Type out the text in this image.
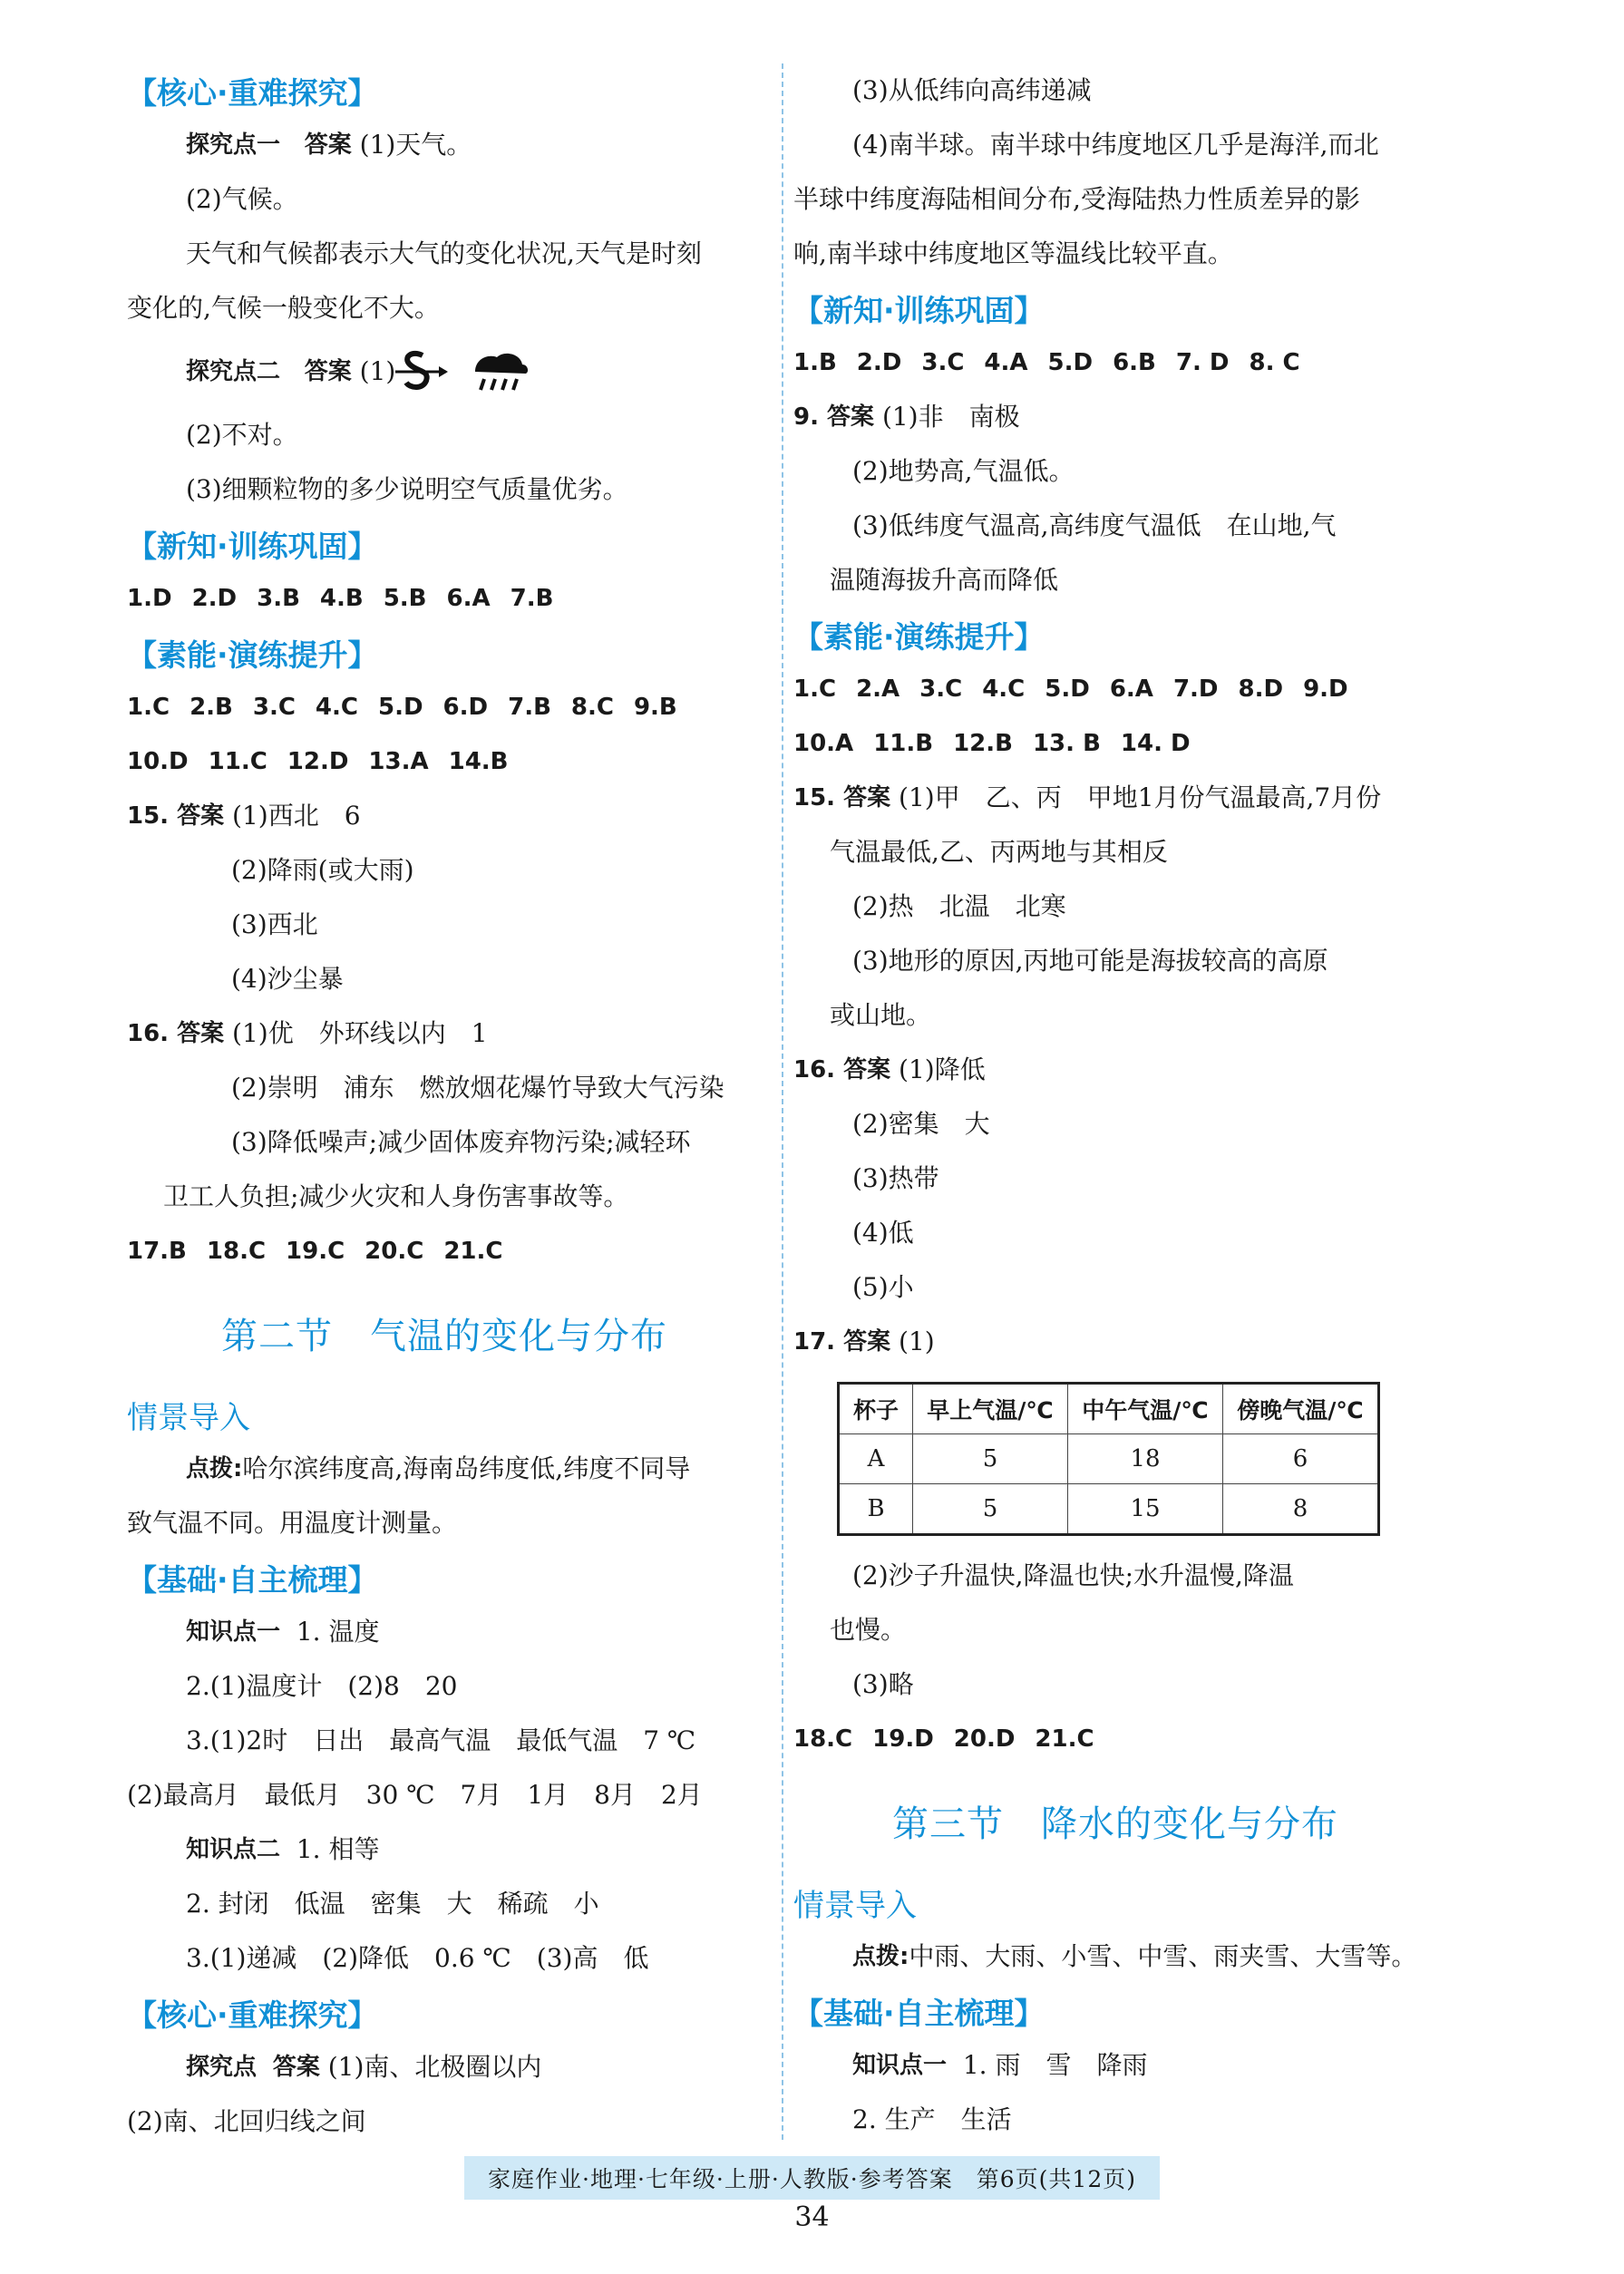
【核心·重难探究】
探究点一
答案
(1)天气。
(2)气候。
天气和气候都表示大气的变化状况,天气是时刻
变化的,气候一般变化不大。
探究点二
答案
(1)
(2)不对。
(3)细颗粒物的多少说明空气质量优劣。
【新知·训练巩固】
1.D 2.D 3.B 4.B 5.B 6.A 7.B
【素能·演练提升】
1.C 2.B 3.C 4.C 5.D 6.D 7.B 8.C 9.B
10.D 11.C 12.D 13.A 14.B
15. 答案
(1)西北　6
(2)降雨(或大雨)
(3)西北
(4)沙尘暴
16. 答案
(1)优　外环线以内　1
(2)崇明　浦东　燃放烟花爆竹导致大气污染
(3)降低噪声;减少固体废弃物污染;减轻环
卫工人负担;减少火灾和人身伤害事故等。
17.B 18.C 19.C 20.C 21.C
第二节　气温的变化与分布
情景导入
点拨: 哈尔滨纬度高,海南岛纬度低,纬度不同导
致气温不同。用温度计测量。
【基础·自主梳理】
知识点一
1. 温度
2.(1)温度计　(2)8　20
3.(1)2时　日出　最高气温　最低气温　7 ℃
(2)最高月　最低月　30 ℃　7月　1月　8月　2月
知识点二
1. 相等
2. 封闭　低温　密集　大　稀疏　小
3.(1)递减　(2)降低　0.6 ℃　(3)高　低
【核心·重难探究】
探究点
答案
(1)南、北极圈以内
(2)南、北回归线之间
(3)从低纬向高纬递减
(4)南半球。南半球中纬度地区几乎是海洋,而北
半球中纬度海陆相间分布,受海陆热力性质差异的影
响,南半球中纬度地区等温线比较平直。
【新知·训练巩固】
1.B 2.D 3.C 4.A 5.D 6.B 7. D 8. C
9. 答案
(1)非　南极
(2)地势高,气温低。
(3)低纬度气温高,高纬度气温低　在山地,气
温随海拔升高而降低
【素能·演练提升】
1.C 2.A 3.C 4.C 5.D 6.A 7.D 8.D 9.D
10.A 11.B 12.B 13. B 14. D
15. 答案
(1)甲　乙、丙　甲地1月份气温最高,7月份
气温最低,乙、丙两地与其相反
(2)热　北温　北寒
(3)地形的原因,丙地可能是海拔较高的高原
或山地。
16. 答案
(1)降低
(2)密集　大
(3)热带
(4)低
(5)小
17. 答案
(1)
杯子	早上气温/℃	中午气温/℃	傍晚气温/℃
A	5	18	6
B	5	15	8
(2)沙子升温快,降温也快;水升温慢,降温
也慢。
(3)略
18.C 19.D 20.D 21.C
第三节　降水的变化与分布
情景导入
点拨: 中雨、大雨、小雪、中雪、雨夹雪、大雪等。
【基础·自主梳理】
知识点一
1. 雨　雪　降雨
2. 生产　生活
家庭作业·地理·七年级·上册·人教版·参考答案　第6页(共12页)
34
